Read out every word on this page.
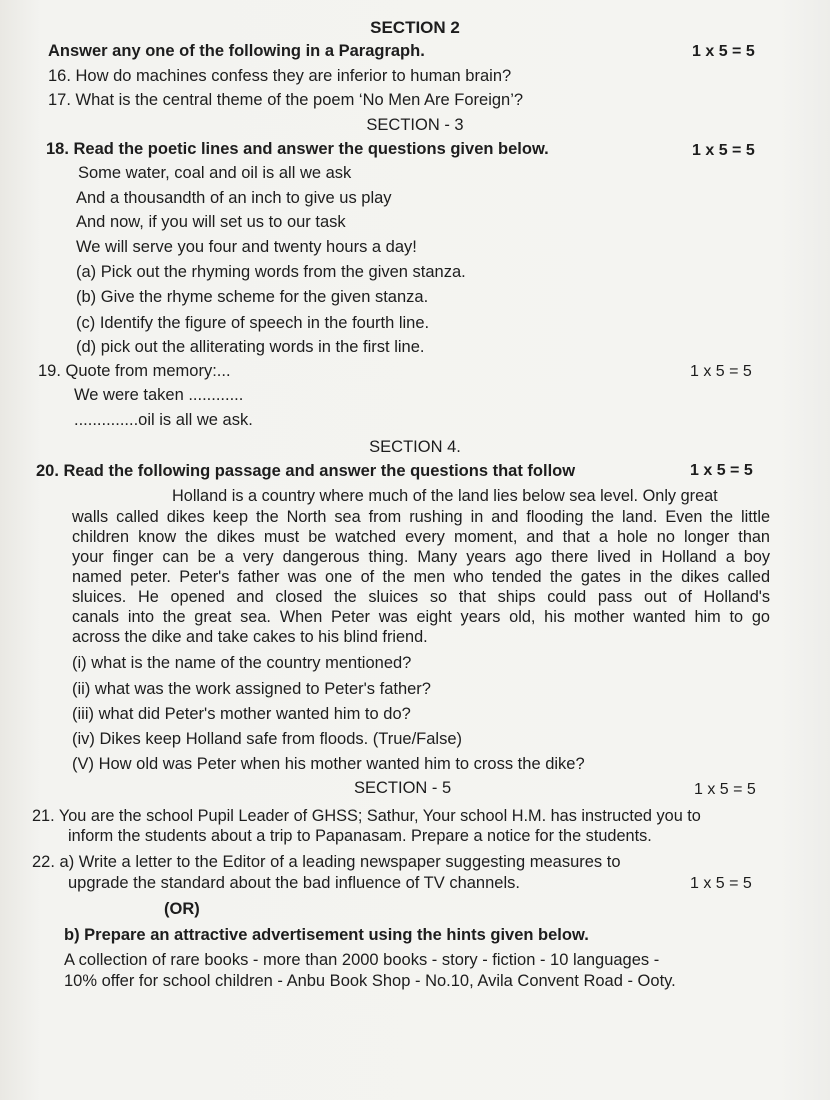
SECTION 2
Answer any one of the following in a Paragraph.	1 x 5 = 5
16. How do machines confess they are inferior to human brain?
17. What is the central theme of the poem ‘No Men Are Foreign’?
SECTION - 3
18. Read the poetic lines and answer the questions given below.	1 x 5 = 5
Some water, coal and oil is all we ask
And a thousandth of an inch to give us play
And now, if you will set us to our task
We will serve you four and twenty hours a day!
(a) Pick out the rhyming words from the given stanza.
(b) Give the rhyme scheme for the given stanza.
(c) Identify the figure of speech in the fourth line.
(d) pick out the alliterating words in the first line.
19. Quote from memory:...	1 x 5 = 5
We were taken ............
..............oil is all we ask.
SECTION 4.
20. Read the following passage and answer the questions that follow	1 x 5 = 5
Holland is a country where much of the land lies below sea level. Only great
walls called dikes keep the North sea from rushing in and flooding the land. Even the little
children know the dikes must be watched every moment, and that a hole no longer than
your finger can be a very dangerous thing. Many years ago there lived in Holland a boy
named peter. Peter's father was one of the men who tended the gates in the dikes called
sluices. He opened and closed the sluices so that ships could pass out of Holland's
canals into the great sea. When Peter was eight years old, his mother wanted him to go
across the dike and take cakes to his blind friend.
(i) what is the name of the country mentioned?
(ii) what was the work assigned to Peter's father?
(iii) what did Peter's mother wanted him to do?
(iv) Dikes keep Holland safe from floods. (True/False)
(V) How old was Peter when his mother wanted him to cross the dike?
SECTION - 5	1 x 5 = 5
21. You are the school Pupil Leader of GHSS; Sathur, Your school H.M. has instructed you to
inform the students about a trip to Papanasam. Prepare a notice for the students.
22. a) Write a letter to the Editor of a leading newspaper suggesting measures to
upgrade the standard about the bad influence of TV channels.	1 x 5 = 5
(OR)
b) Prepare an attractive advertisement using the hints given below.
A collection of rare books - more than 2000 books - story - fiction - 10 languages -
10% offer for school children - Anbu Book Shop - No.10, Avila Convent Road - Ooty.
